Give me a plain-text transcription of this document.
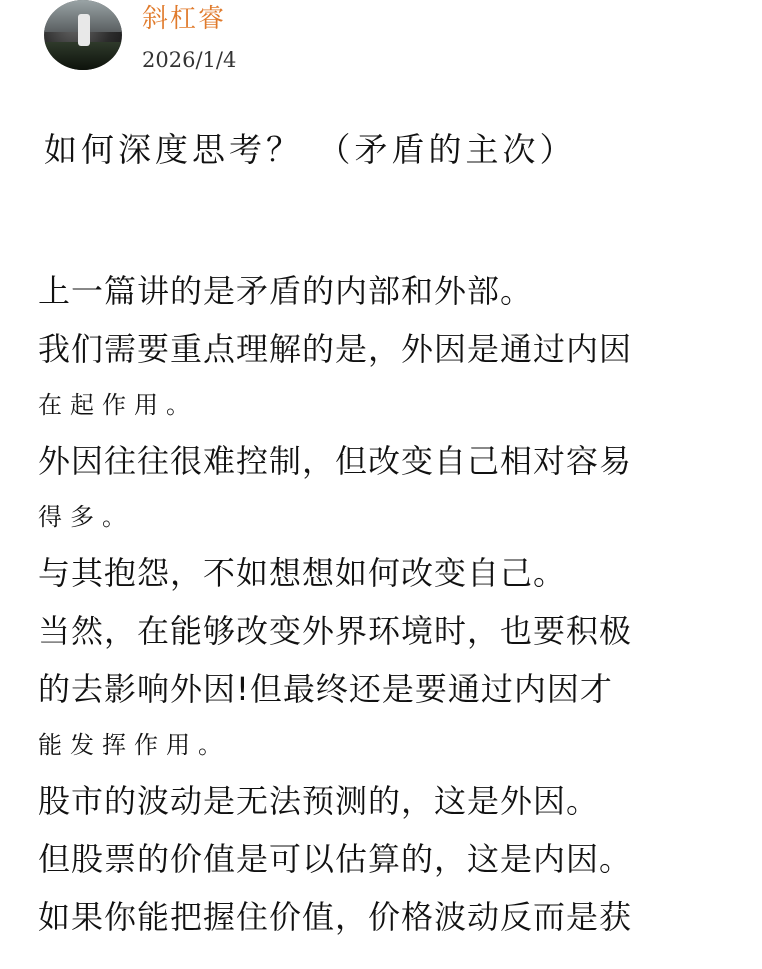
斜杠睿
2026/1/4
如何深度思考？ （矛盾的主次）
上一篇讲的是矛盾的内部和外部。
我们需要重点理解的是，外因是通过内因
在起作用。
外因往往很难控制，但改变自己相对容易
得多。
与其抱怨，不如想想如何改变自己。
当然，在能够改变外界环境时，也要积极
的去影响外因!但最终还是要通过内因才
能发挥作用。
股市的波动是无法预测的，这是外因。
但股票的价值是可以估算的，这是内因。
如果你能把握住价值，价格波动反而是获
